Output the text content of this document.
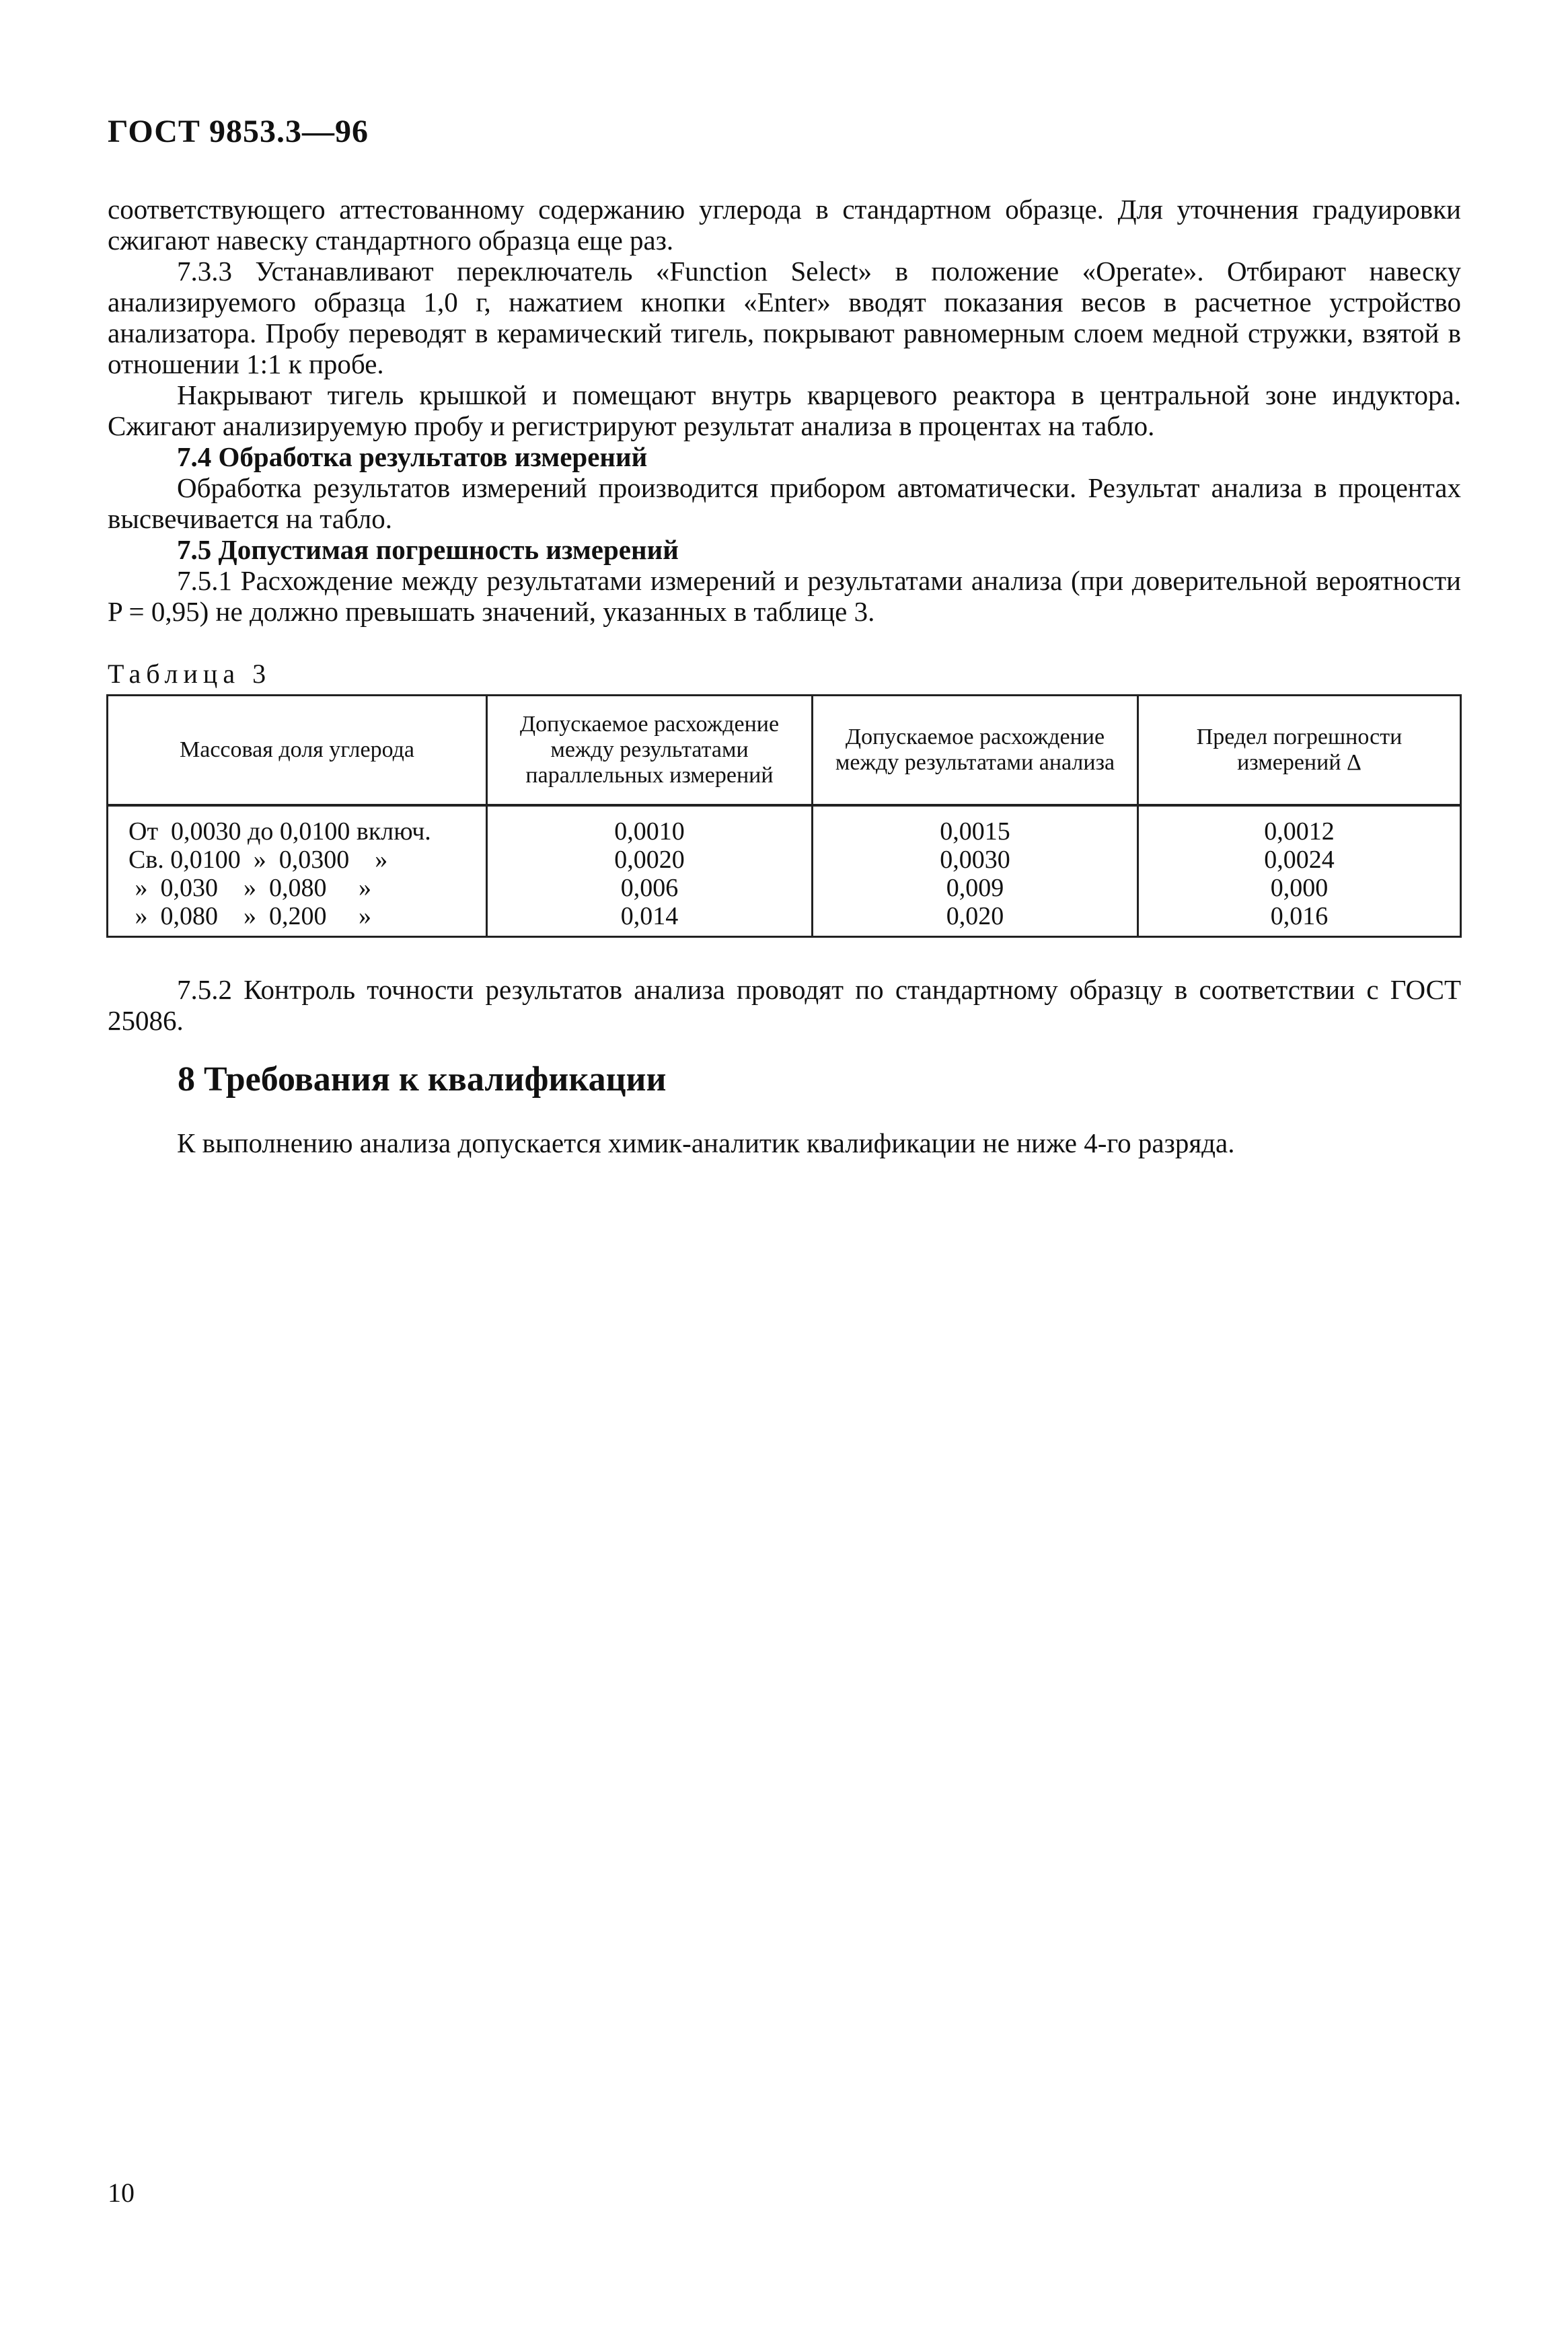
ГОСТ 9853.3—96

соответствующего аттестованному содержанию углерода в стандартном образце. Для уточнения градуировки сжигают навеску стандартного образца еще раз.

7.3.3 Устанавливают переключатель «Function Select» в положение «Operate». Отбирают навеску анализируемого образца 1,0 г, нажатием кнопки «Enter» вводят показания весов в расчетное устройство анализатора. Пробу переводят в керамический тигель, покрывают равномерным слоем медной стружки, взятой в отношении 1:1 к пробе.

Накрывают тигель крышкой и помещают внутрь кварцевого реактора в центральной зоне индуктора. Сжигают анализируемую пробу и регистрируют результат анализа в процентах на табло.

7.4 Обработка результатов измерений

Обработка результатов измерений производится прибором автоматически. Результат анализа в процентах высвечивается на табло.

7.5 Допустимая погрешность измерений

7.5.1 Расхождение между результатами измерений и результатами анализа (при доверительной вероятности P = 0,95) не должно превышать значений, указанных в таблице 3.

Таблица 3
Массовая доля углерода	Допускаемое расхождение между результатами параллельных измерений	Допускаемое расхождение между результатами анализа	Предел погрешности измерений Δ
От  0,0030 до 0,0100 включ.	0,0010	0,0015	0,0012
Св. 0,0100  »  0,0300    »	0,0020	0,0030	0,0024
»  0,030    »  0,080     »	0,006	0,009	0,000
»  0,080    »  0,200     »	0,014	0,020	0,016

7.5.2 Контроль точности результатов анализа проводят по стандартному образцу в соответствии с ГОСТ 25086.

8 Требования к квалификации

К выполнению анализа допускается химик-аналитик квалификации не ниже 4-го разряда.

10
